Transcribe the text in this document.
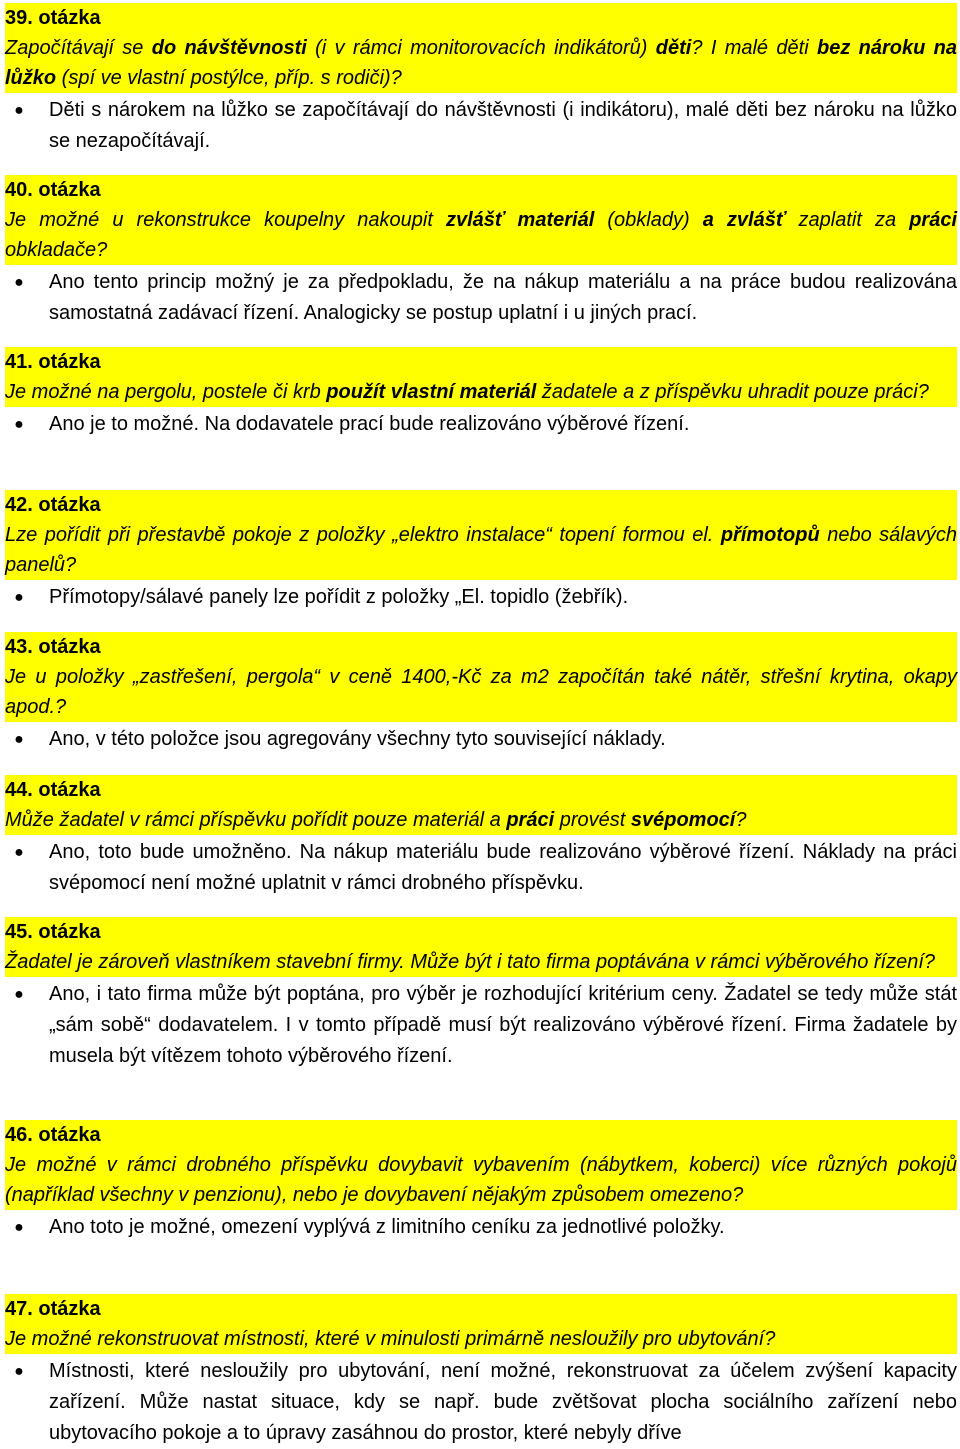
39. otázka
Započítávají se do návštěvnosti (i v rámci monitorovacích indikátorů) děti? I malé děti bez nároku na lůžko (spí ve vlastní postýlce, příp. s rodiči)?
● Děti s nárokem na lůžko se započítávají do návštěvnosti (i indikátoru), malé děti bez nároku na lůžko se nezapočítávají.

40. otázka
Je možné u rekonstrukce koupelny nakoupit zvlášť materiál (obklady) a zvlášť zaplatit za práci obkladače?
● Ano tento princip možný je za předpokladu, že na nákup materiálu a na práce budou realizována samostatná zadávací řízení. Analogicky se postup uplatní i u jiných prací.

41. otázka
Je možné na pergolu, postele či krb použít vlastní materiál žadatele a z příspěvku uhradit pouze práci?
● Ano je to možné. Na dodavatele prací bude realizováno výběrové řízení.

42. otázka
Lze pořídit při přestavbě pokoje z položky „elektro instalace“ topení formou el. přímotopů nebo sálavých panelů?
● Přímotopy/sálavé panely lze pořídit z položky „El. topidlo (žebřík).

43. otázka
Je u položky „zastřešení, pergola“ v ceně 1400,-Kč za m2 započítán také nátěr, střešní krytina, okapy apod.?
● Ano, v této položce jsou agregovány všechny tyto související náklady.

44. otázka
Může žadatel v rámci příspěvku pořídit pouze materiál a práci provést svépomocí?
● Ano, toto bude umožněno. Na nákup materiálu bude realizováno výběrové řízení. Náklady na práci svépomocí není možné uplatnit v rámci drobného příspěvku.

45. otázka
Žadatel je zároveň vlastníkem stavební firmy. Může být i tato firma poptávána v rámci výběrového řízení?
● Ano, i tato firma může být poptána, pro výběr je rozhodující kritérium ceny. Žadatel se tedy může stát „sám sobě“ dodavatelem. I v tomto případě musí být realizováno výběrové řízení. Firma žadatele by musela být vítězem tohoto výběrového řízení.

46. otázka
Je možné v rámci drobného příspěvku dovybavit vybavením (nábytkem, koberci) více různých pokojů (například všechny v penzionu), nebo je dovybavení nějakým způsobem omezeno?
● Ano toto je možné, omezení vyplývá z limitního ceníku za jednotlivé položky.

47. otázka
Je možné rekonstruovat místnosti, které v minulosti primárně nesloužily pro ubytování?
● Místnosti, které nesloužily pro ubytování, není možné, rekonstruovat za účelem zvýšení kapacity zařízení. Může nastat situace, kdy se např. bude zvětšovat plocha sociálního zařízení nebo ubytovacího pokoje a to úpravy zasáhnou do prostor, které nebyly dříve
